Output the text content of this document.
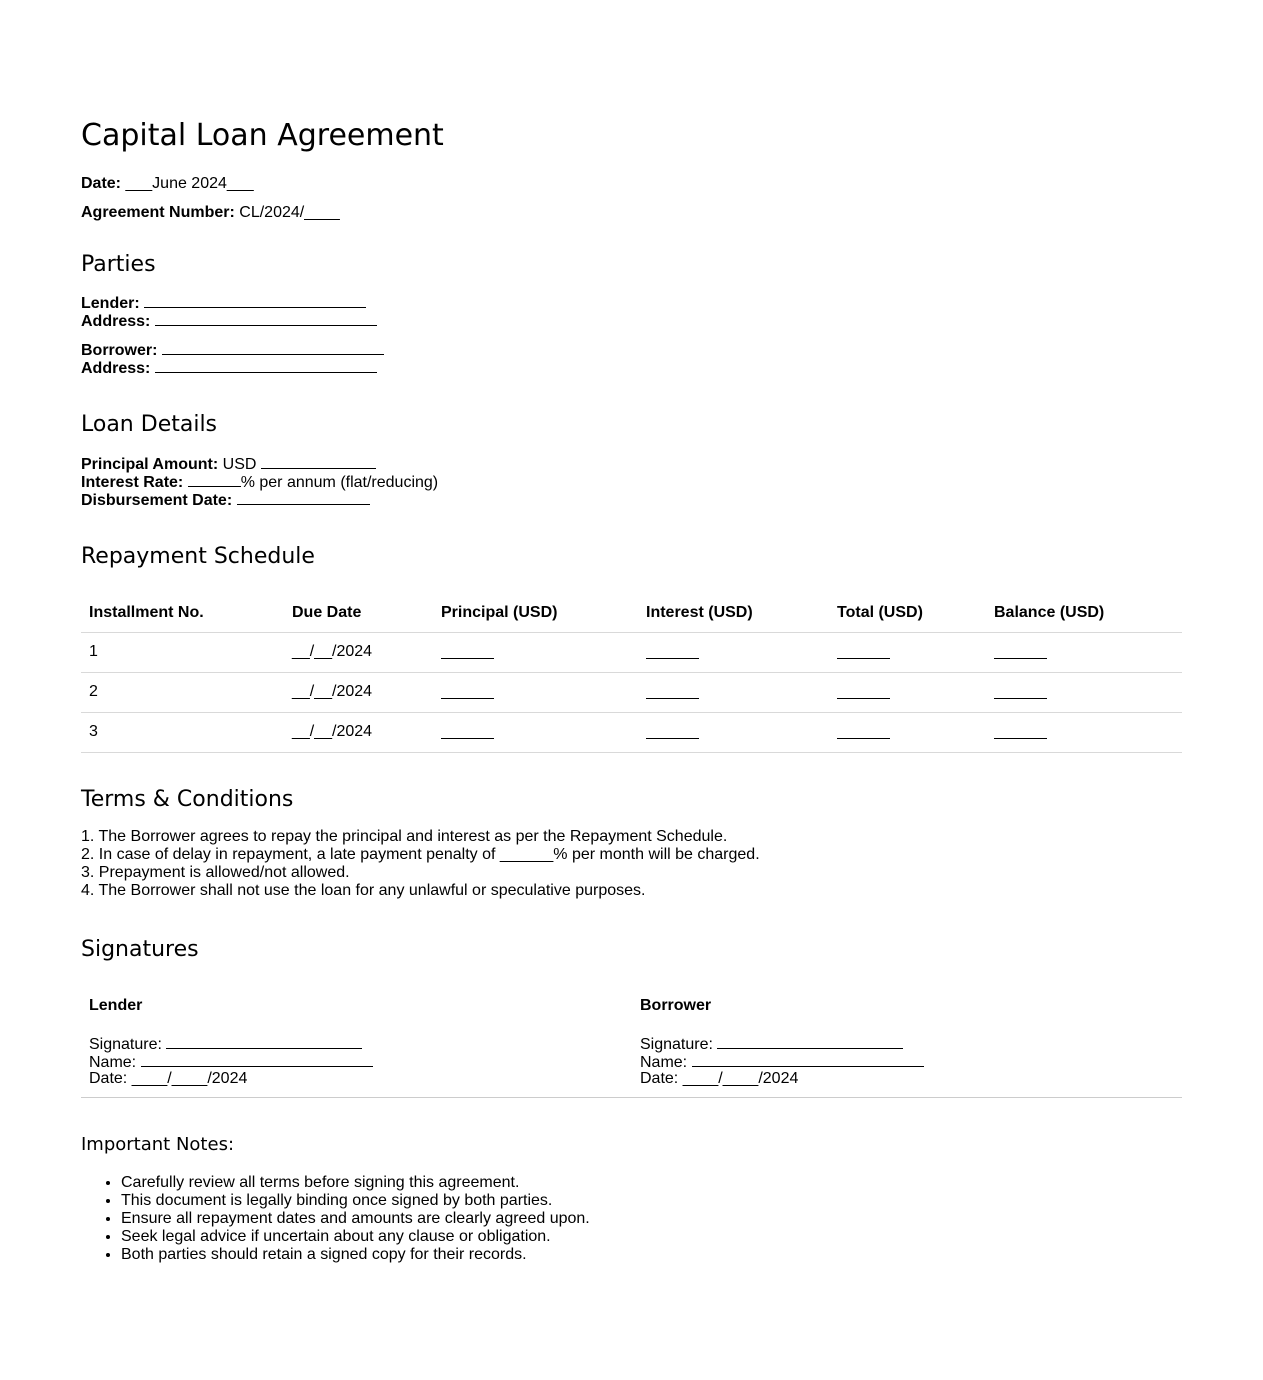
Capital Loan Agreement
Date: ___June 2024___
Agreement Number: CL/2024/____
Parties
Lender:
Address:
Borrower:
Address:
Loan Details
Principal Amount: USD
Interest Rate:	% per annum (flat/reducing)
Disbursement Date:
Repayment Schedule
Installment No.	Due Date	Principal (USD)	Interest (USD)	Total (USD)	Balance (USD)
1	__/__/2024
2	__/__/2024
3	__/__/2024
Terms & Conditions
1. The Borrower agrees to repay the principal and interest as per the Repayment Schedule.
2. In case of delay in repayment, a late payment penalty of ______% per month will be charged.
3. Prepayment is allowed/not allowed.
4. The Borrower shall not use the loan for any unlawful or speculative purposes.
Signatures
Lender
Signature:
Name:
Date: ____/____/2024
Borrower
Signature:
Name:
Date: ____/____/2024
Important Notes:
• Carefully review all terms before signing this agreement.
• This document is legally binding once signed by both parties.
• Ensure all repayment dates and amounts are clearly agreed upon.
• Seek legal advice if uncertain about any clause or obligation.
• Both parties should retain a signed copy for their records.
